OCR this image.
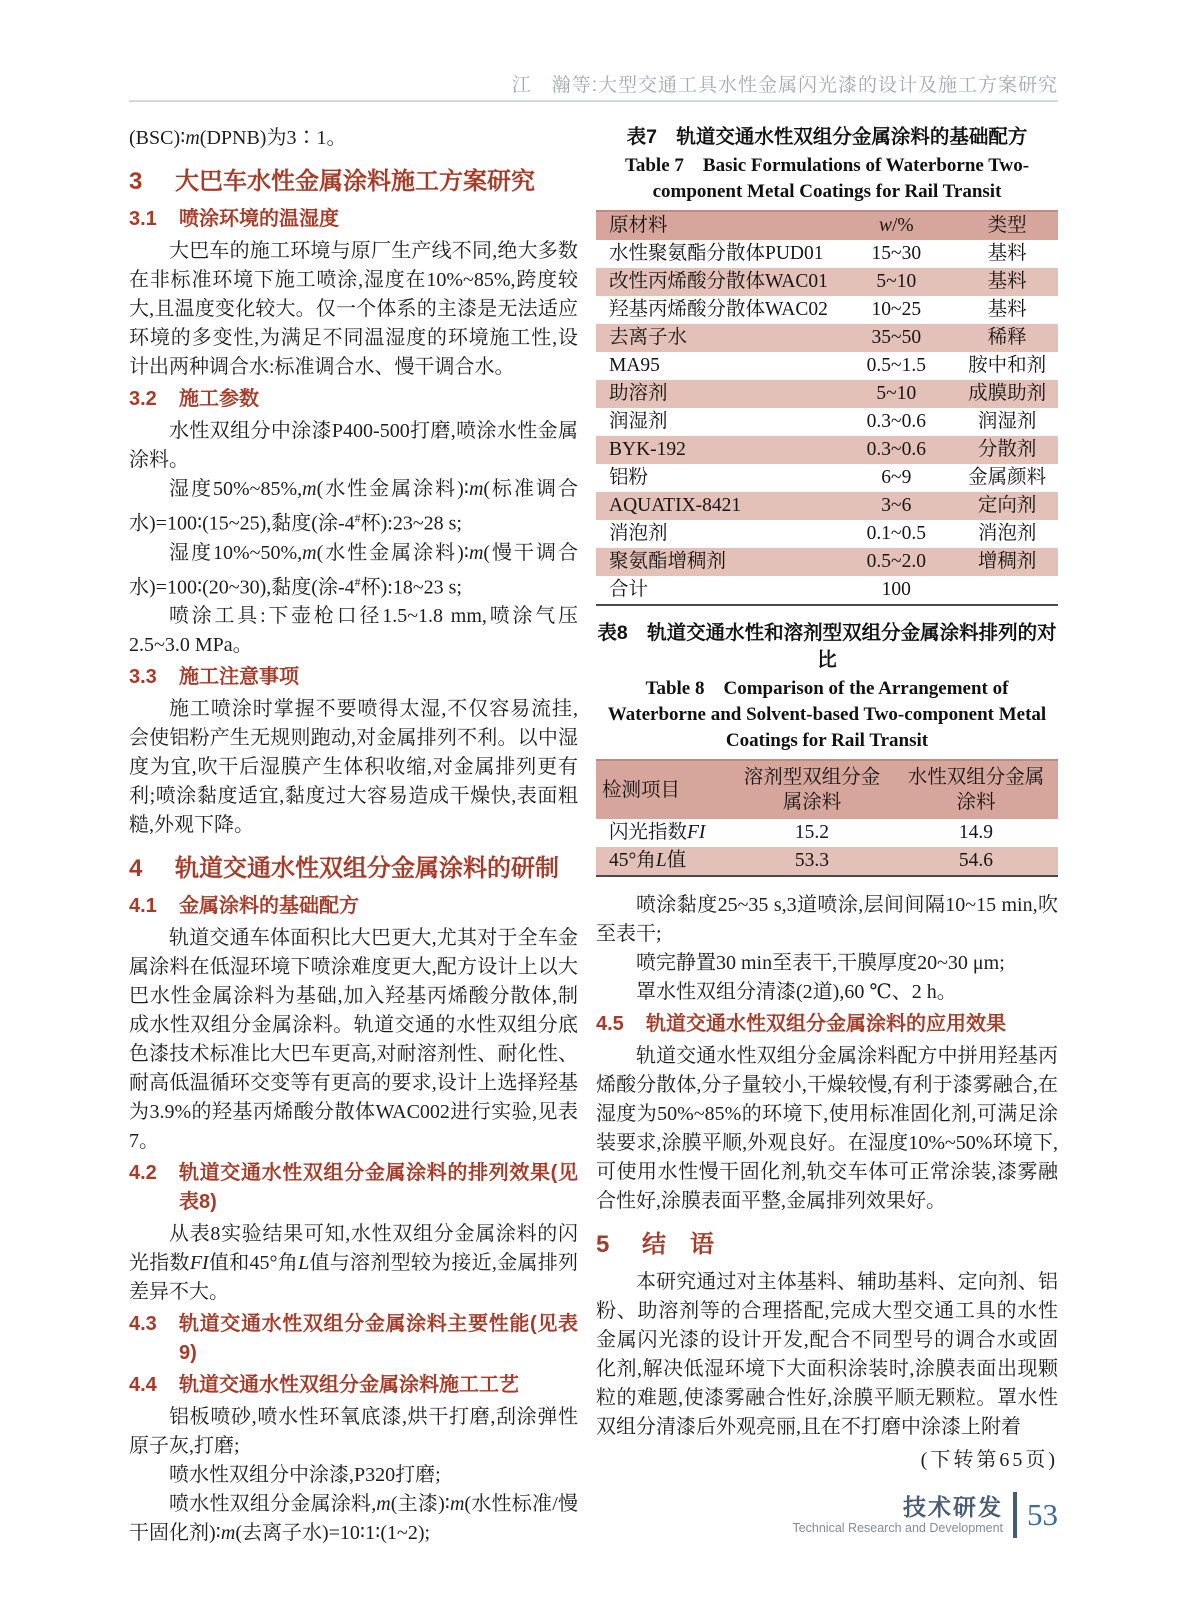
江　瀚等:大型交通工具水性金属闪光漆的设计及施工方案研究

(BSC)∶m(DPNB)为3∶1。

3	大巴车水性金属涂料施工方案研究
3.1	喷涂环境的温湿度

大巴车的施工环境与原厂生产线不同,绝大多数在非标准环境下施工喷涂,湿度在10%~85%,跨度较大,且温度变化较大。仅一个体系的主漆是无法适应环境的多变性,为满足不同温湿度的环境施工性,设计出两种调合水:标准调合水、慢干调合水。

3.2	施工参数

水性双组分中涂漆P400-500打磨,喷涂水性金属涂料。

湿度50%~85%,m(水性金属涂料)∶m(标准调合水)=100∶(15~25),黏度(涂-4#杯):23~28 s;

湿度10%~50%,m(水性金属涂料)∶m(慢干调合水)=100∶(20~30),黏度(涂-4#杯):18~23 s;

喷涂工具:下壶枪口径1.5~1.8 mm,喷涂气压2.5~3.0 MPa。

3.3	施工注意事项

施工喷涂时掌握不要喷得太湿,不仅容易流挂,会使铝粉产生无规则跑动,对金属排列不利。以中湿度为宜,吹干后湿膜产生体积收缩,对金属排列更有利;喷涂黏度适宜,黏度过大容易造成干燥快,表面粗糙,外观下降。

4	轨道交通水性双组分金属涂料的研制
4.1	金属涂料的基础配方

轨道交通车体面积比大巴更大,尤其对于全车金属涂料在低湿环境下喷涂难度更大,配方设计上以大巴水性金属涂料为基础,加入羟基丙烯酸分散体,制成水性双组分金属涂料。轨道交通的水性双组分底色漆技术标准比大巴车更高,对耐溶剂性、耐化性、耐高低温循环交变等有更高的要求,设计上选择羟基为3.9%的羟基丙烯酸分散体WAC002进行实验,见表7。

4.2	轨道交通水性双组分金属涂料的排列效果(见表8)

从表8实验结果可知,水性双组分金属涂料的闪光指数FI值和45°角L值与溶剂型较为接近,金属排列差异不大。

4.3	轨道交通水性双组分金属涂料主要性能(见表9)
4.4	轨道交通水性双组分金属涂料施工工艺

铝板喷砂,喷水性环氧底漆,烘干打磨,刮涂弹性原子灰,打磨;

喷水性双组分中涂漆,P320打磨;

喷水性双组分金属涂料,m(主漆)∶m(水性标准/慢干固化剂)∶m(去离子水)=10∶1∶(1~2);

表7　轨道交通水性双组分金属涂料的基础配方
Table 7　Basic Formulations of Waterborne Two-component Metal Coatings for Rail Transit
原材料	w/%	类型
水性聚氨酯分散体PUD01	15~30	基料
改性丙烯酸分散体WAC01	5~10	基料
羟基丙烯酸分散体WAC02	10~25	基料
去离子水	35~50	稀释
MA95	0.5~1.5	胺中和剂
助溶剂	5~10	成膜助剂
润湿剂	0.3~0.6	润湿剂
BYK-192	0.3~0.6	分散剂
铝粉	6~9	金属颜料
AQUATIX-8421	3~6	定向剂
消泡剂	0.1~0.5	消泡剂
聚氨酯增稠剂	0.5~2.0	增稠剂
合计	100	
表8　轨道交通水性和溶剂型双组分金属涂料排列的对比
Table 8　Comparison of the Arrangement of Waterborne and Solvent-based Two-component Metal Coatings for Rail Transit
检测项目	溶剂型双组分金属涂料	水性双组分金属涂料
闪光指数FI	15.2	14.9
45°角L值	53.3	54.6

喷涂黏度25~35 s,3道喷涂,层间间隔10~15 min,吹至表干;

喷完静置30 min至表干,干膜厚度20~30 μm;

罩水性双组分清漆(2道),60 ℃、2 h。

4.5	轨道交通水性双组分金属涂料的应用效果

轨道交通水性双组分金属涂料配方中拼用羟基丙烯酸分散体,分子量较小,干燥较慢,有利于漆雾融合,在湿度为50%~85%的环境下,使用标准固化剂,可满足涂装要求,涂膜平顺,外观良好。在湿度10%~50%环境下,可使用水性慢干固化剂,轨交车体可正常涂装,漆雾融合性好,涂膜表面平整,金属排列效果好。

5	结　语

本研究通过对主体基料、辅助基料、定向剂、铝粉、助溶剂等的合理搭配,完成大型交通工具的水性金属闪光漆的设计开发,配合不同型号的调合水或固化剂,解决低湿环境下大面积涂装时,涂膜表面出现颗粒的难题,使漆雾融合性好,涂膜平顺无颗粒。罩水性双组分清漆后外观亮丽,且在不打磨中涂漆上附着

(下转第65页)
技术研发
Technical Research and Development 53
